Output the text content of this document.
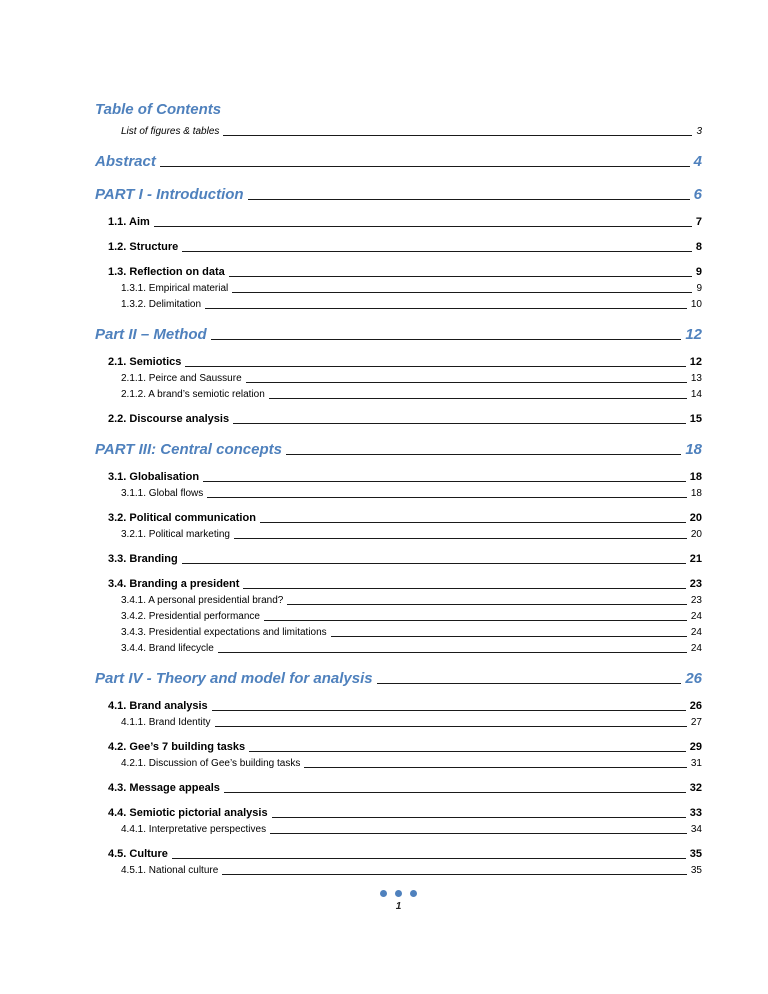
Table of Contents
List of figures & tables	3
Abstract	4
PART I - Introduction	6
1.1. Aim	7
1.2. Structure	8
1.3. Reflection on data	9
1.3.1. Empirical material	9
1.3.2. Delimitation	10
Part II – Method	12
2.1. Semiotics	12
2.1.1. Peirce and Saussure	13
2.1.2. A brand’s semiotic relation	14
2.2. Discourse analysis	15
PART III: Central concepts	18
3.1. Globalisation	18
3.1.1. Global flows	18
3.2. Political communication	20
3.2.1. Political marketing	20
3.3. Branding	21
3.4. Branding a president	23
3.4.1. A personal presidential brand?	23
3.4.2. Presidential performance	24
3.4.3. Presidential expectations and limitations	24
3.4.4. Brand lifecycle	24
Part IV - Theory and model for analysis	26
4.1. Brand analysis	26
4.1.1. Brand Identity	27
4.2. Gee’s 7 building tasks	29
4.2.1. Discussion of Gee’s building tasks	31
4.3. Message appeals	32
4.4. Semiotic pictorial analysis	33
4.4.1. Interpretative perspectives	34
4.5. Culture	35
4.5.1. National culture	35
1
